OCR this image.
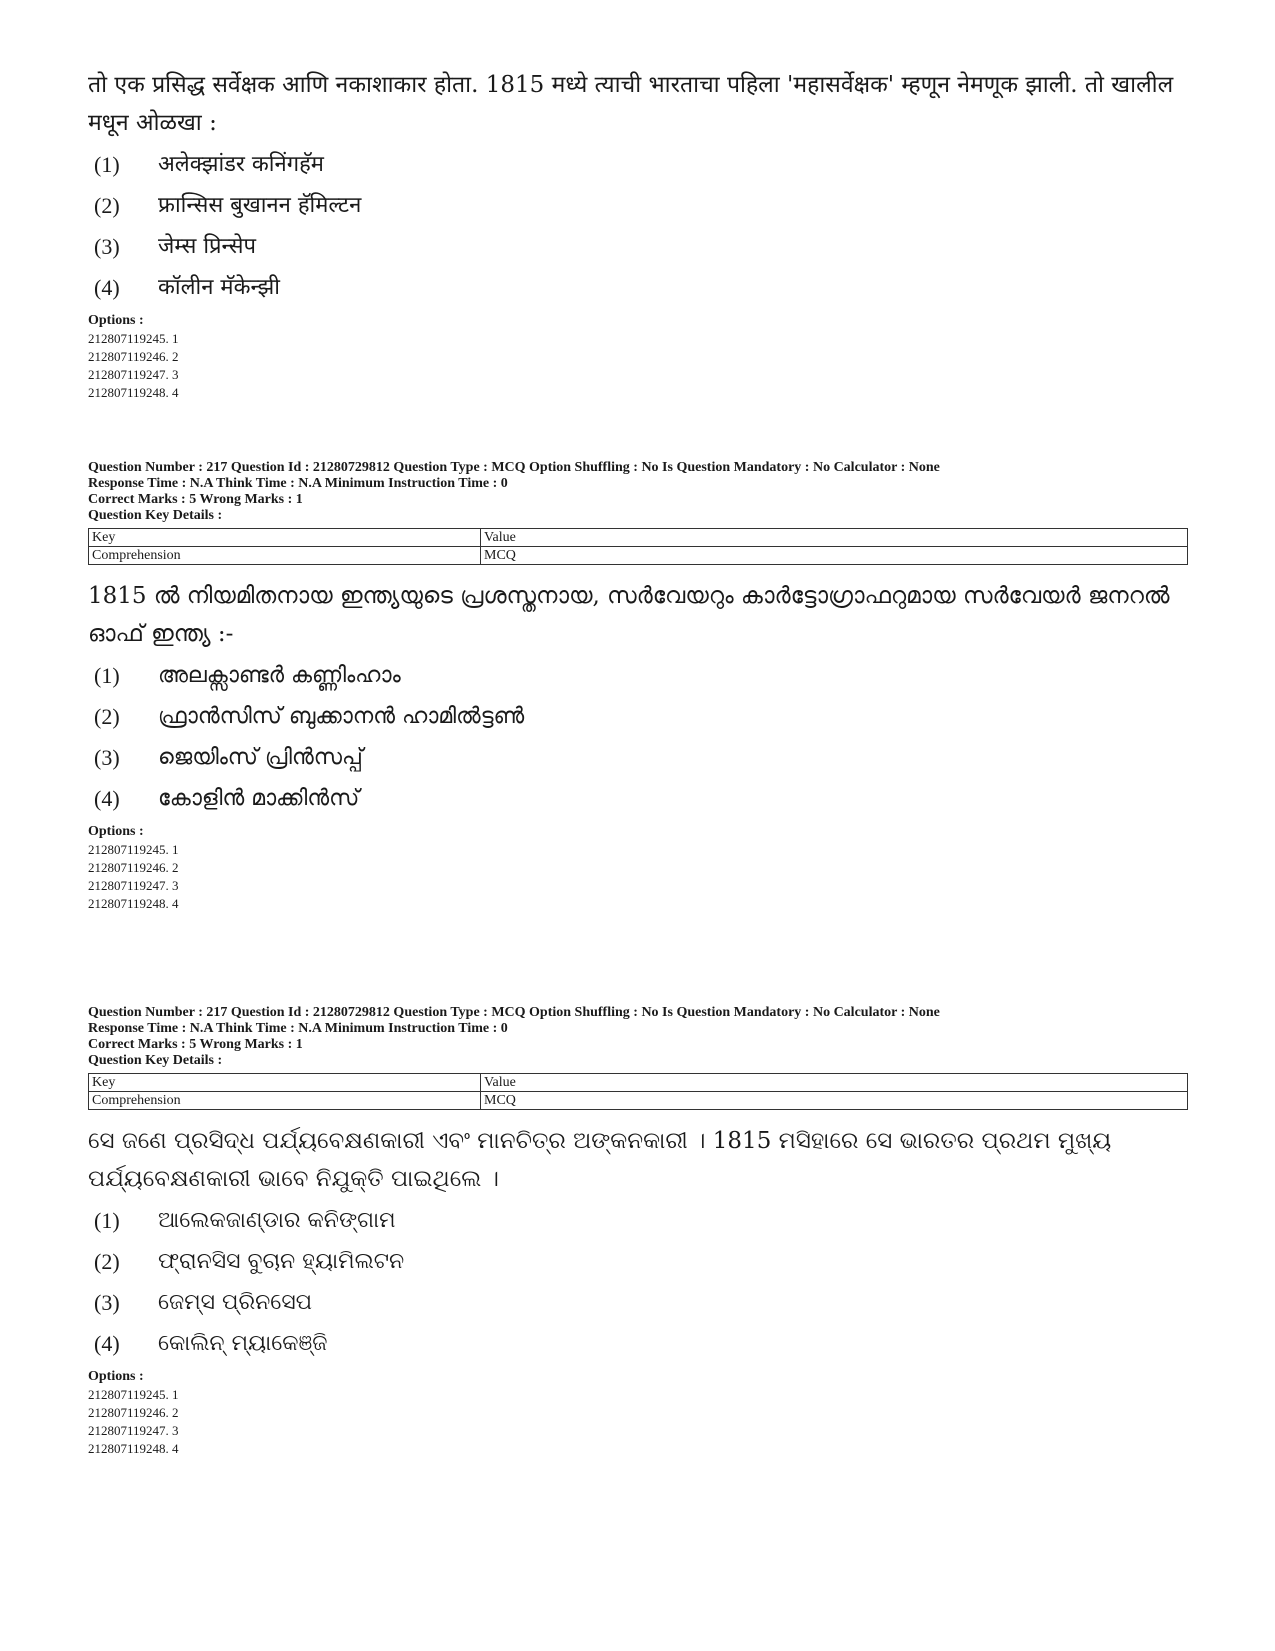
तो एक प्रसिद्ध सर्वेक्षक आणि नकाशाकार होता. 1815 मध्ये त्याची भारताचा पहिला 'महासर्वेक्षक' म्हणून नेमणूक झाली. तो खालील मधून ओळखा :

(1)	अलेक्झांडर कनिंगहॅम
(2)	फ्रान्सिस बुखानन हॅमिल्टन
(3)	जेम्स प्रिन्सेप
(4)	कॉलीन मॅकेन्झी
Options :
212807119245. 1
212807119246. 2
212807119247. 3
212807119248. 4
Question Number : 217 Question Id : 21280729812 Question Type : MCQ Option Shuffling : No Is Question Mandatory : No Calculator : None
Response Time : N.A Think Time : N.A Minimum Instruction Time : 0
Correct Marks : 5 Wrong Marks : 1
Question Key Details :
Key	Value
Comprehension	MCQ

1815 ൽ നിയമിതനായ ഇന്ത്യയുടെ പ്രശസ്തനായ, സർവേയറും കാർട്ടോഗ്രാഫറുമായ സർവേയർ ജനറൽ ഓഫ് ഇന്ത്യ :-

(1)	അലക്സാണ്ടർ കണ്ണിംഹാം
(2)	ഫ്രാൻസിസ് ബുക്കാനൻ ഹാമിൽട്ടൺ
(3)	ജെയിംസ് പ്രിൻസപ്പ്
(4)	കോളിൻ മാക്കിൻസ്
Options :
212807119245. 1
212807119246. 2
212807119247. 3
212807119248. 4
Question Number : 217 Question Id : 21280729812 Question Type : MCQ Option Shuffling : No Is Question Mandatory : No Calculator : None
Response Time : N.A Think Time : N.A Minimum Instruction Time : 0
Correct Marks : 5 Wrong Marks : 1
Question Key Details :
Key	Value
Comprehension	MCQ

ସେ ଜଣେ ପ୍ରସିଦ୍ଧ ପର୍ଯ୍ୟବେକ୍ଷଣକାରୀ ଏବଂ ମାନଚିତ୍ର ଅଙ୍କନକାରୀ । 1815 ମସିହାରେ ସେ ଭାରତର ପ୍ରଥମ ମୁଖ୍ୟ ପର୍ଯ୍ୟବେକ୍ଷଣକାରୀ ଭାବେ ନିଯୁକ୍ତି ପାଇଥିଲେ ।

(1)	ଆଲେକଜାଣ୍ଡାର କନିଙ୍ଗାମ
(2)	ଫ୍ରାନସିସ ବୁଚାନ ହ୍ୟାମିଲଟନ
(3)	ଜେମ୍ସ ପ୍ରିନସେପ
(4)	କୋଲିନ୍ ମ୍ୟାକେଞ୍ଜି
Options :
212807119245. 1
212807119246. 2
212807119247. 3
212807119248. 4
